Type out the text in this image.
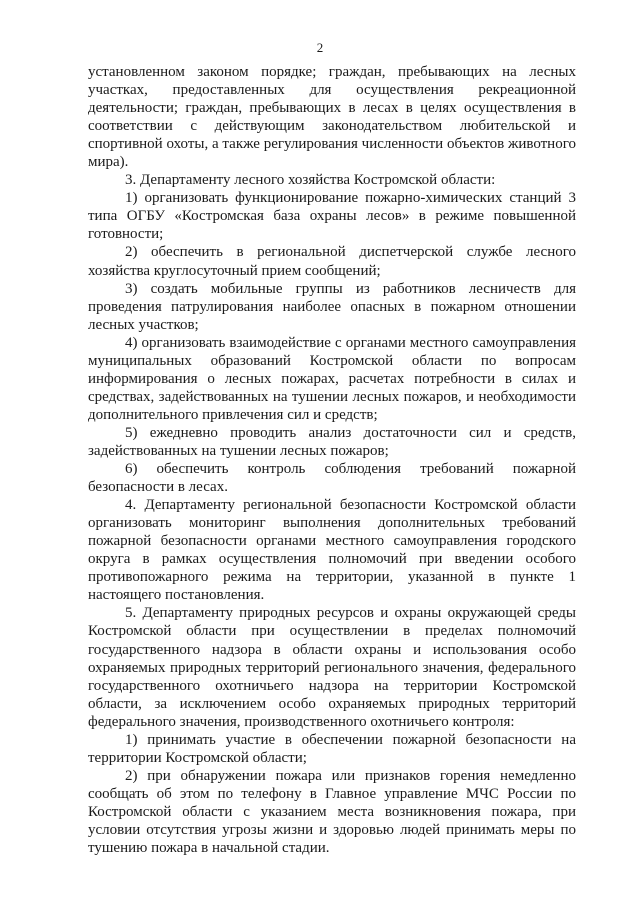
2

установленном законом порядке; граждан, пребывающих на лесных участках, предоставленных для осуществления рекреационной деятельности; граждан, пребывающих в лесах в целях осуществления в соответствии с действующим законодательством любительской и спортивной охоты, а также регулирования численности объектов животного мира).

3. Департаменту лесного хозяйства Костромской области:

1) организовать функционирование пожарно-химических станций 3 типа ОГБУ «Костромская база охраны лесов» в режиме повышенной готовности;

2) обеспечить в региональной диспетчерской службе лесного хозяйства круглосуточный прием сообщений;

3) создать мобильные группы из работников лесничеств для проведения патрулирования наиболее опасных в пожарном отношении лесных участков;

4) организовать взаимодействие с органами местного самоуправления муниципальных образований Костромской области по вопросам информирования о лесных пожарах, расчетах потребности в силах и средствах, задействованных на тушении лесных пожаров, и необходимости дополнительного привлечения сил и средств;

5) ежедневно проводить анализ достаточности сил и средств, задействованных на тушении лесных пожаров;

6) обеспечить контроль соблюдения требований пожарной безопасности в лесах.

4. Департаменту региональной безопасности Костромской области организовать мониторинг выполнения дополнительных требований пожарной безопасности органами местного самоуправления городского округа в рамках осуществления полномочий при введении особого противопожарного режима на территории, указанной в пункте 1 настоящего постановления.

5. Департаменту природных ресурсов и охраны окружающей среды Костромской области при осуществлении в пределах полномочий государственного надзора в области охраны и использования особо охраняемых природных территорий регионального значения, федерального государственного охотничьего надзора на территории Костромской области, за исключением особо охраняемых природных территорий федерального значения, производственного охотничьего контроля:

1) принимать участие в обеспечении пожарной безопасности на территории Костромской области;

2) при обнаружении пожара или признаков горения немедленно сообщать об этом по телефону в Главное управление МЧС России по Костромской области с указанием места возникновения пожара, при условии отсутствия угрозы жизни и здоровью людей принимать меры по тушению пожара в начальной стадии.
